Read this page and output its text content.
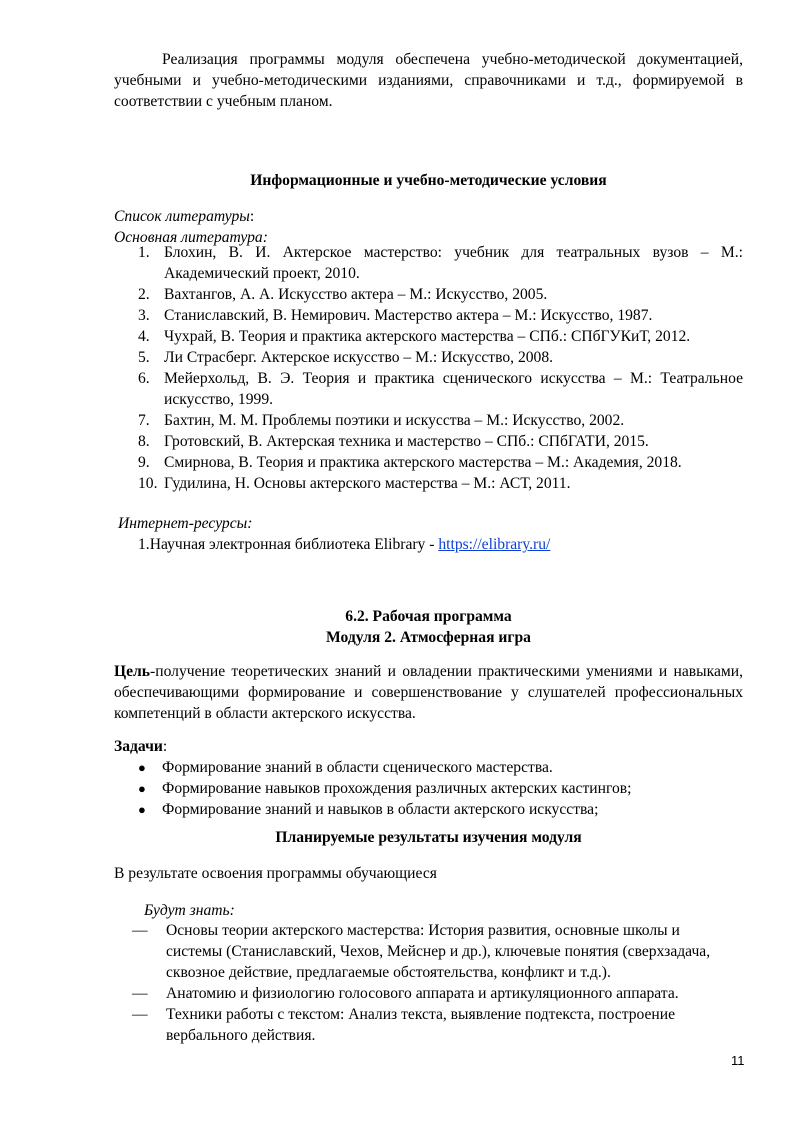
Реализация программы модуля обеспечена учебно-методической документацией, учебными и учебно-методическими изданиями, справочниками и т.д., формируемой в соответствии с учебным планом.

Информационные и учебно-методические условия

Список литературы:
Основная литература:
1. Блохин, В. И. Актерское мастерство: учебник для театральных вузов – М.: Академический проект, 2010.
2. Вахтангов, А. А. Искусство актера – М.: Искусство, 2005.
3. Станиславский, В. Немирович. Мастерство актера – М.: Искусство, 1987.
4. Чухрай, В. Теория и практика актерского мастерства – СПб.: СПбГУКиТ, 2012.
5. Ли Страсберг. Актерское искусство – М.: Искусство, 2008.
6. Мейерхольд, В. Э. Теория и практика сценического искусства – М.: Театральное искусство, 1999.
7. Бахтин, М. М. Проблемы поэтики и искусства – М.: Искусство, 2002.
8. Гротовский, В. Актерская техника и мастерство – СПб.: СПбГАТИ, 2015.
9. Смирнова, В. Теория и практика актерского мастерства – М.: Академия, 2018.
10. Гудилина, Н. Основы актерского мастерства – М.: АСТ, 2011.
Интернет-ресурсы:
1.Научная электронная библиотека Elibrary - https://elibrary.ru/

6.2. Рабочая программа

Модуля 2. Атмосферная игра

Цель-получение теоретических знаний и овладении практическими умениями и навыками, обеспечивающими формирование и совершенствование у слушателей профессиональных компетенций в области актерского искусства.

Задачи:
● Формирование знаний в области сценического мастерства.
● Формирование навыков прохождения различных актерских кастингов;
● Формирование знаний и навыков в области актерского искусства;

Планируемые результаты изучения модуля

В результате освоения программы обучающиеся

Будут знать:
— Основы теории актерского мастерства: История развития, основные школы и системы (Станиславский, Чехов, Мейснер и др.), ключевые понятия (сверхзадача, сквозное действие, предлагаемые обстоятельства, конфликт и т.д.).
— Анатомию и физиологию голосового аппарата и артикуляционного аппарата.
— Техники работы с текстом: Анализ текста, выявление подтекста, построение вербального действия.
11
